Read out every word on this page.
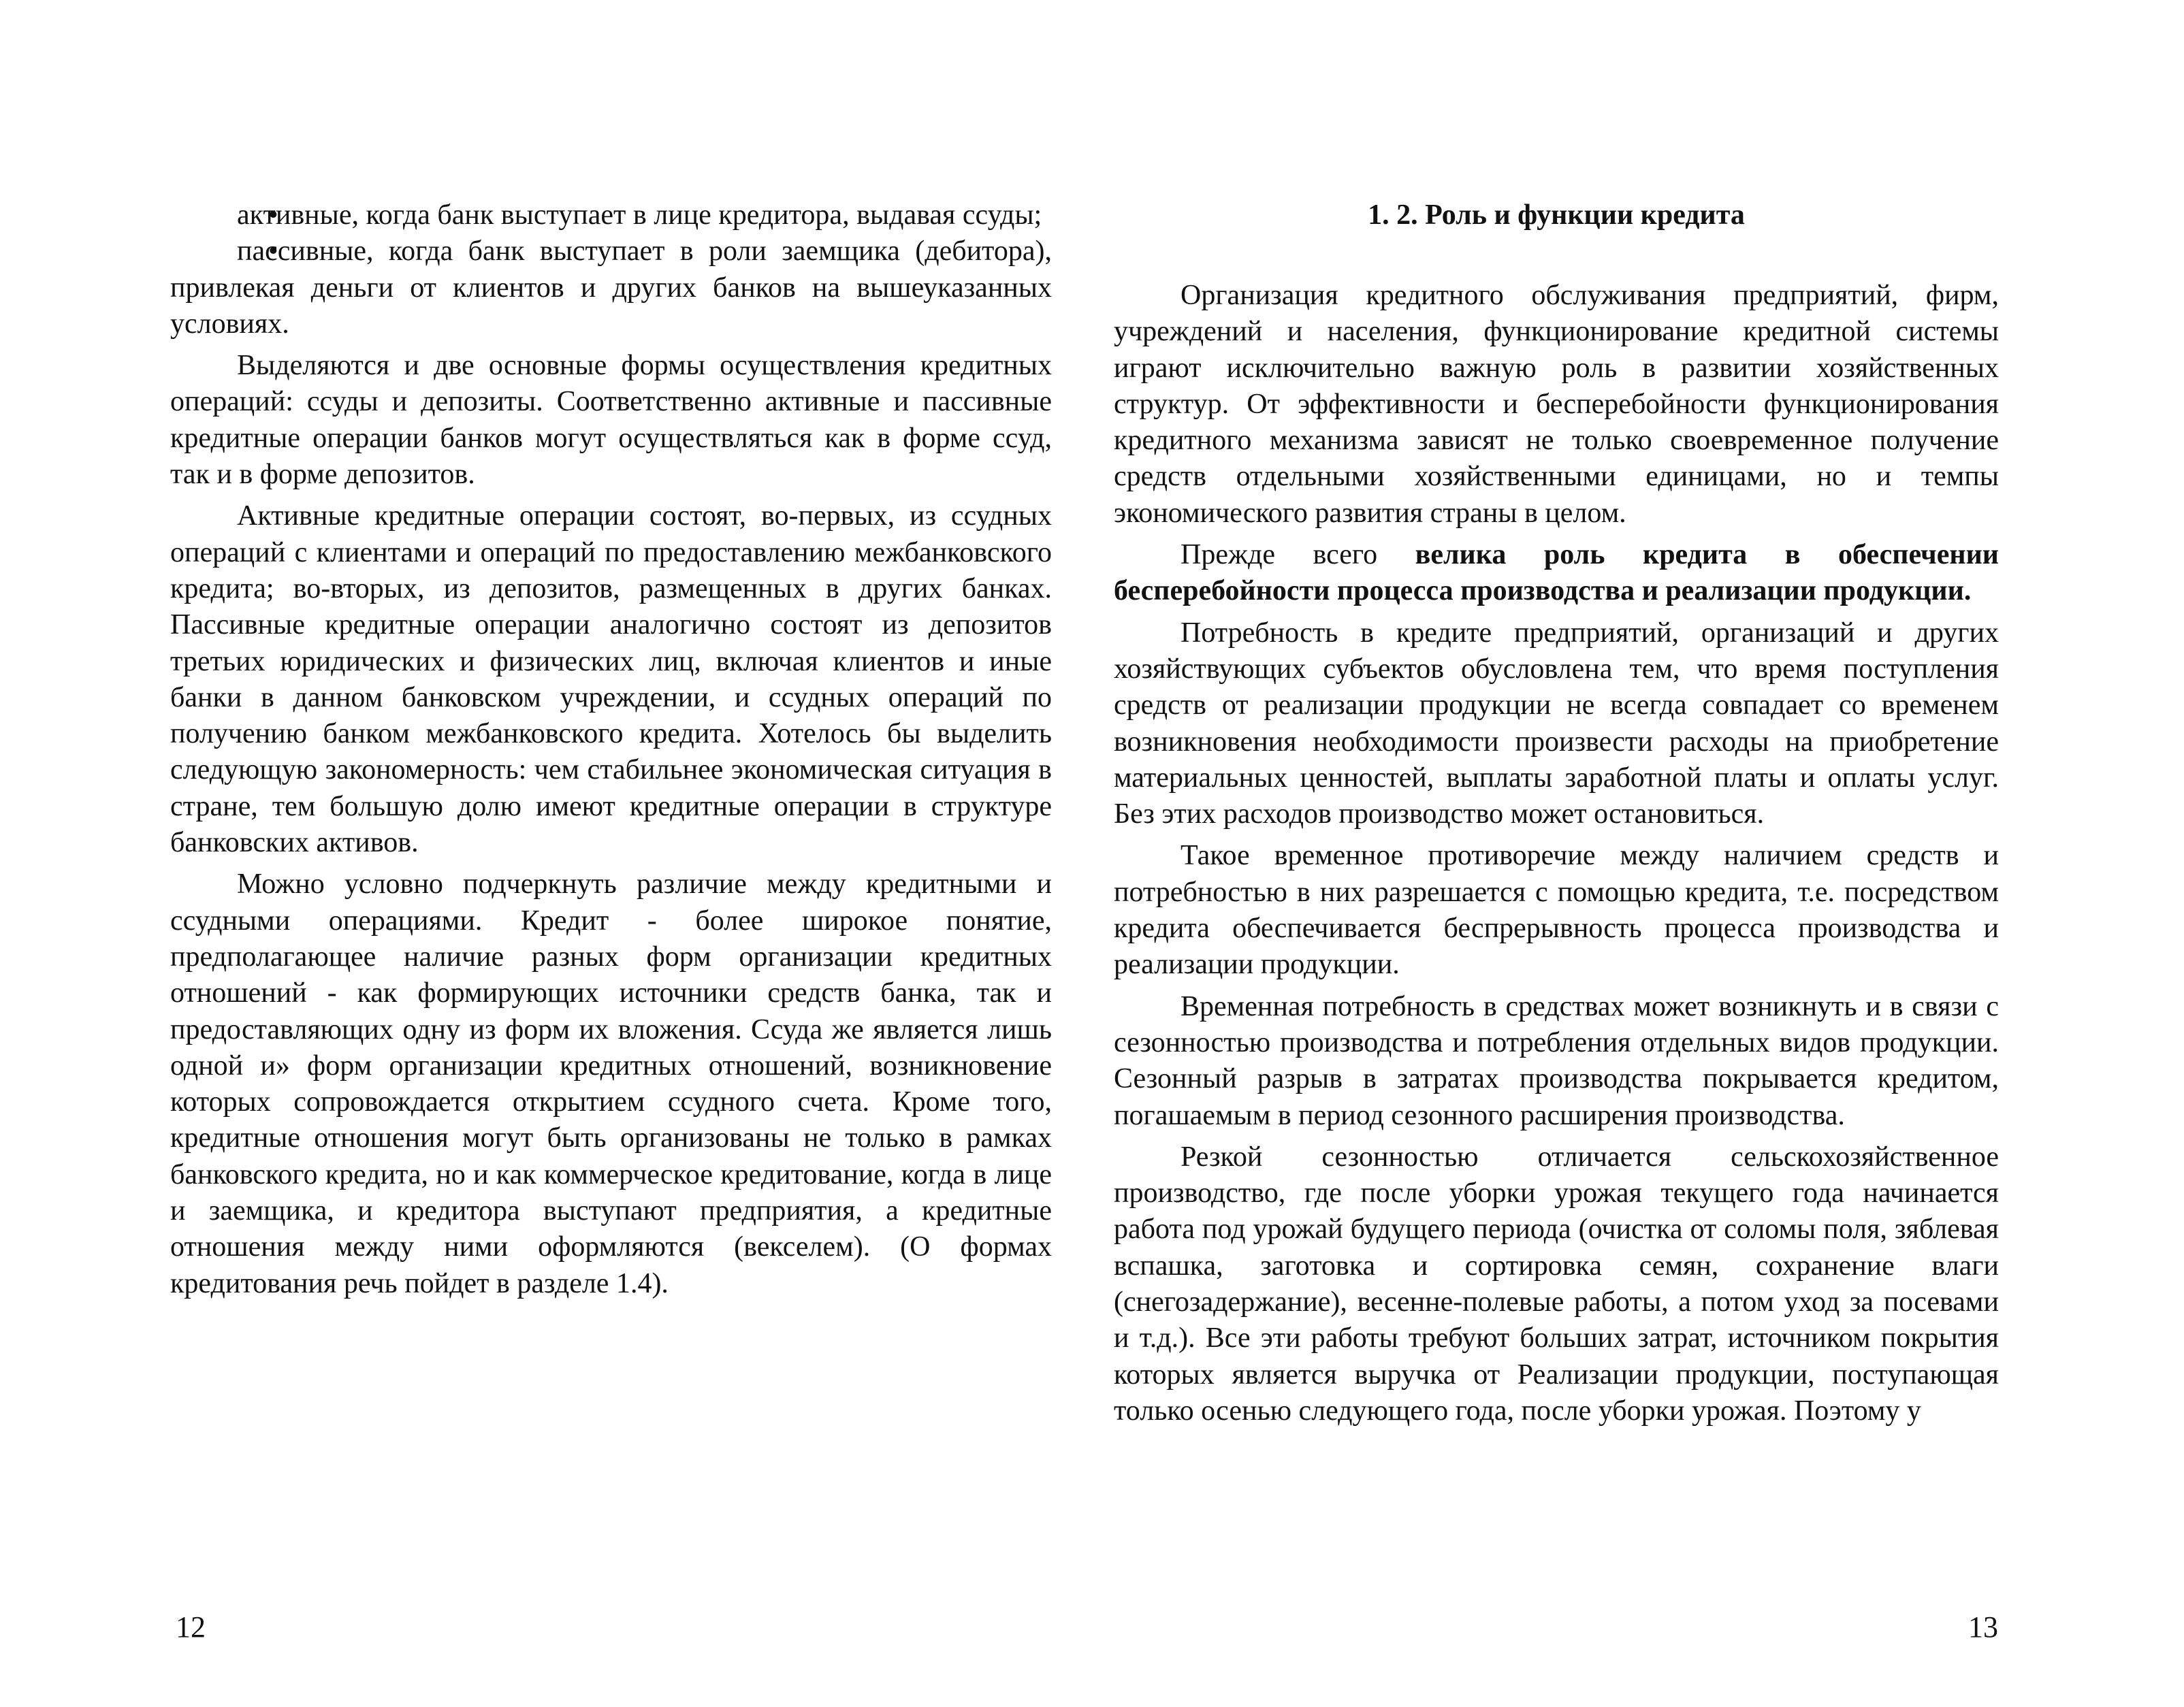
активные, когда банк выступает в лице кредитора, выдавая ссуды;
пассивные, когда банк выступает в роли заемщика (дебитора), привлекая деньги от клиентов и других банков на вышеуказанных условиях.

Выделяются и две основные формы осуществления кредитных операций: ссуды и депозиты. Соответственно активные и пассивные кредитные операции банков могут осуществляться как в форме ссуд, так и в форме депозитов.

Активные кредитные операции состоят, во-первых, из ссудных операций с клиентами и операций по предоставлению межбанковского кредита; во-вторых, из депозитов, размещенных в других банках. Пассивные кредитные операции аналогично состоят из депозитов третьих юридических и физических лиц, включая клиентов и иные банки в данном банковском учреждении, и ссудных операций по получению банком межбанковского кредита. Хотелось бы выделить следующую закономерность: чем стабильнее экономическая ситуация в стране, тем большую долю имеют кредитные операции в структуре банковских активов.

Можно условно подчеркнуть различие между кредитными и ссудными операциями. Кредит - более широкое понятие, предполагающее наличие разных форм организации кредитных отношений - как формирующих источники средств банка, так и предоставляющих одну из форм их вложения. Ссуда же является лишь одной и» форм организации кредитных отношений, возникновение которых сопровождается открытием ссудного счета. Кроме того, кредитные отношения могут быть организованы не только в рамках банковского кредита, но и как коммерческое кредитование, когда в лице и заемщика, и кредитора выступают предприятия, а кредитные отношения между ними оформляются (векселем). (О формах кредитования речь пойдет в разделе 1.4).

12
1. 2. Роль и функции кредита

Организация кредитного обслуживания предприятий, фирм, учреждений и населения, функционирование кредитной системы играют исключительно важную роль в развитии хозяйственных структур. От эффективности и бесперебойности функционирования кредитного механизма зависят не только своевременное получение средств отдельными хозяйственными единицами, но и темпы экономического развития страны в целом.

Прежде всего велика роль кредита в обеспечении бесперебойности процесса производства и реализации продукции.

Потребность в кредите предприятий, организаций и других хозяйствующих субъектов обусловлена тем, что время поступления средств от реализации продукции не всегда совпадает со временем возникновения необходимости произвести расходы на приобретение материальных ценностей, выплаты заработной платы и оплаты услуг. Без этих расходов производство может остановиться.

Такое временное противоречие между наличием средств и потребностью в них разрешается с помощью кредита, т.е. посредством кредита обеспечивается беспрерывность процесса производства и реализации продукции.

Временная потребность в средствах может возникнуть и в связи с сезонностью производства и потребления отдельных видов продукции. Сезонный разрыв в затратах производства покрывается кредитом, погашаемым в период сезонного расширения производства.

Резкой сезонностью отличается сельскохозяйственное производство, где после уборки урожая текущего года начинается работа под урожай будущего периода (очистка от соломы поля, зяблевая вспашка, заготовка и сортировка семян, сохранение влаги (снегозадержание), весенне-полевые работы, а потом уход за посевами и т.д.). Все эти работы требуют больших затрат, источником покрытия которых является выручка от Реализации продукции, поступающая только осенью следующего года, после уборки урожая. Поэтому у

13
